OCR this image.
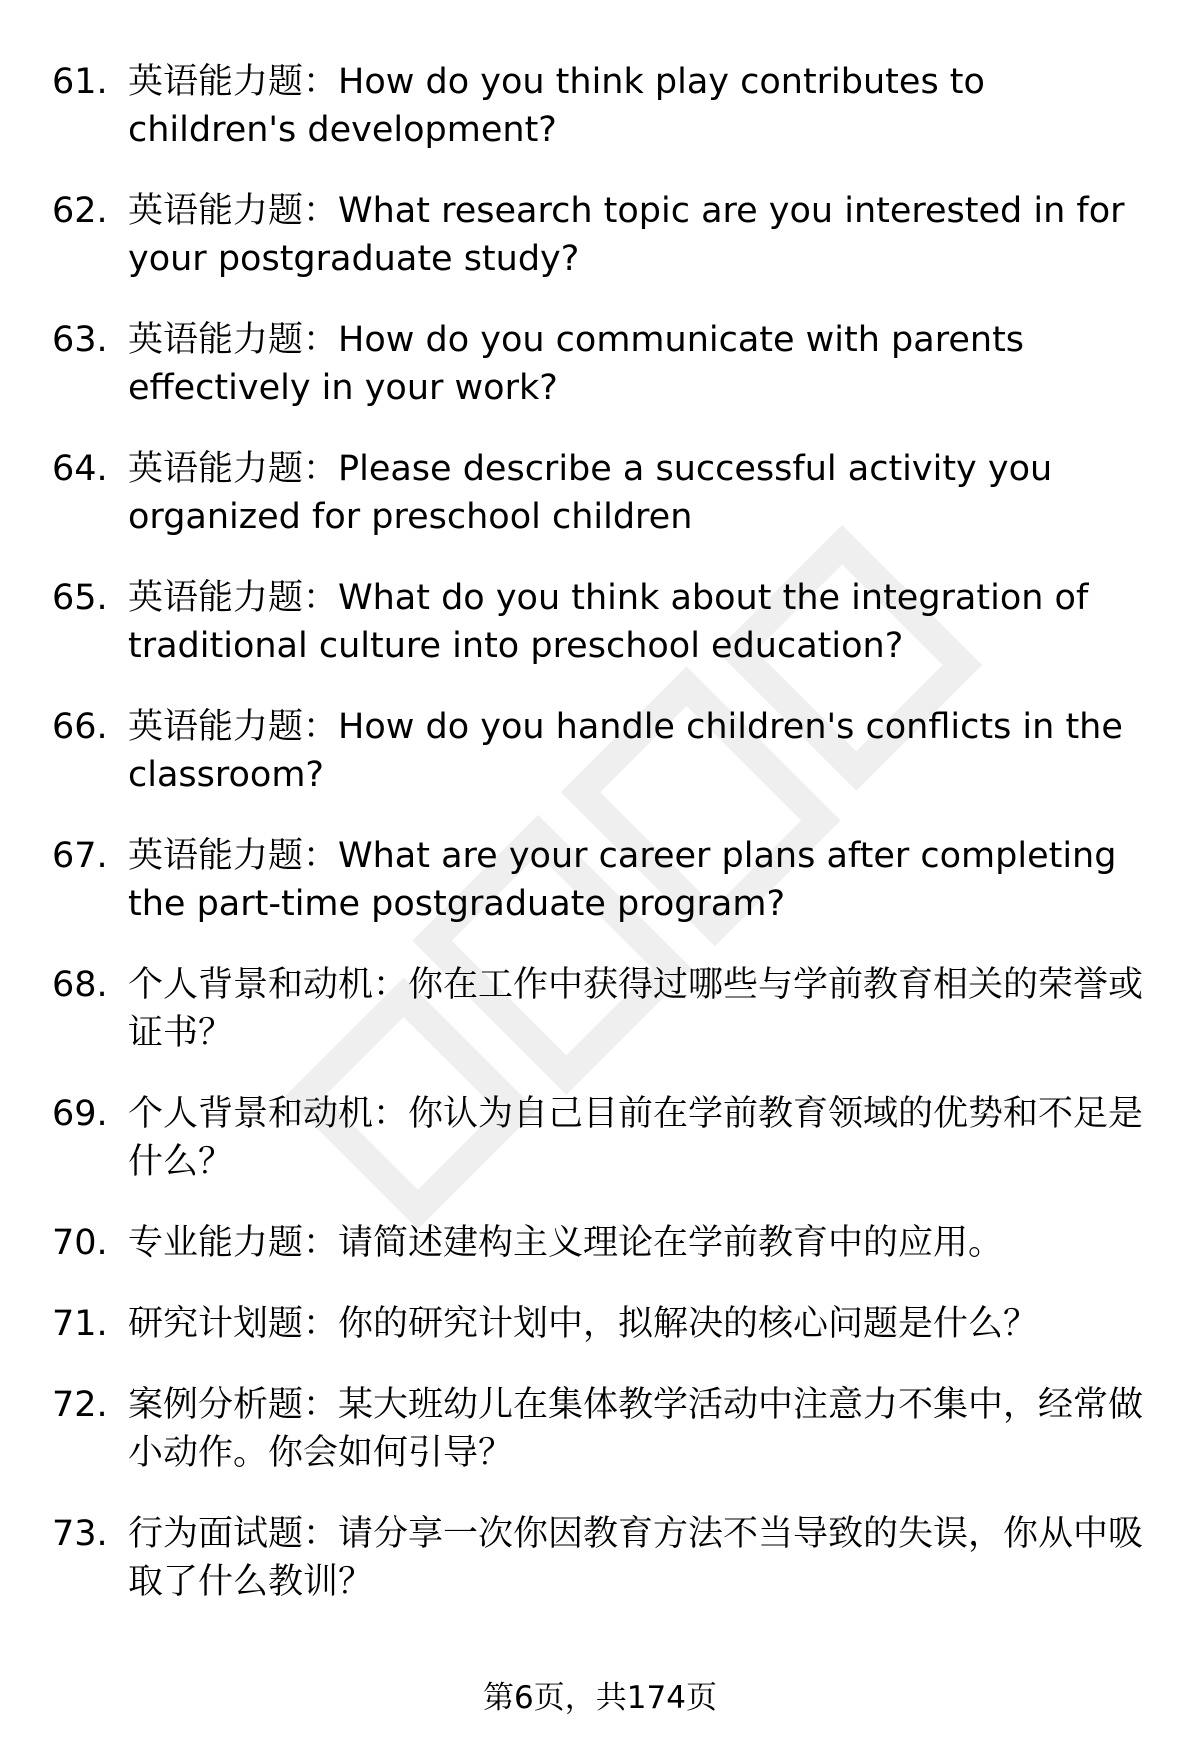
61. 英语能力题：How do you think play contributes to children's development?
62. 英语能力题：What research topic are you interested in for your postgraduate study?
63. 英语能力题：How do you communicate with parents effectively in your work?
64. 英语能力题：Please describe a successful activity you organized for preschool children
65. 英语能力题：What do you think about the integration of traditional culture into preschool education?
66. 英语能力题：How do you handle children's conflicts in the classroom?
67. 英语能力题：What are your career plans after completing the part-time postgraduate program?
68. 个人背景和动机：你在工作中获得过哪些与学前教育相关的荣誉或证书？
69. 个人背景和动机：你认为自己目前在学前教育领域的优势和不足是什么？
70. 专业能力题：请简述建构主义理论在学前教育中的应用。
71. 研究计划题：你的研究计划中，拟解决的核心问题是什么？
72. 案例分析题：某大班幼儿在集体教学活动中注意力不集中，经常做小动作。你会如何引导？
73. 行为面试题：请分享一次你因教育方法不当导致的失误，你从中吸取了什么教训？
第6页，共174页
